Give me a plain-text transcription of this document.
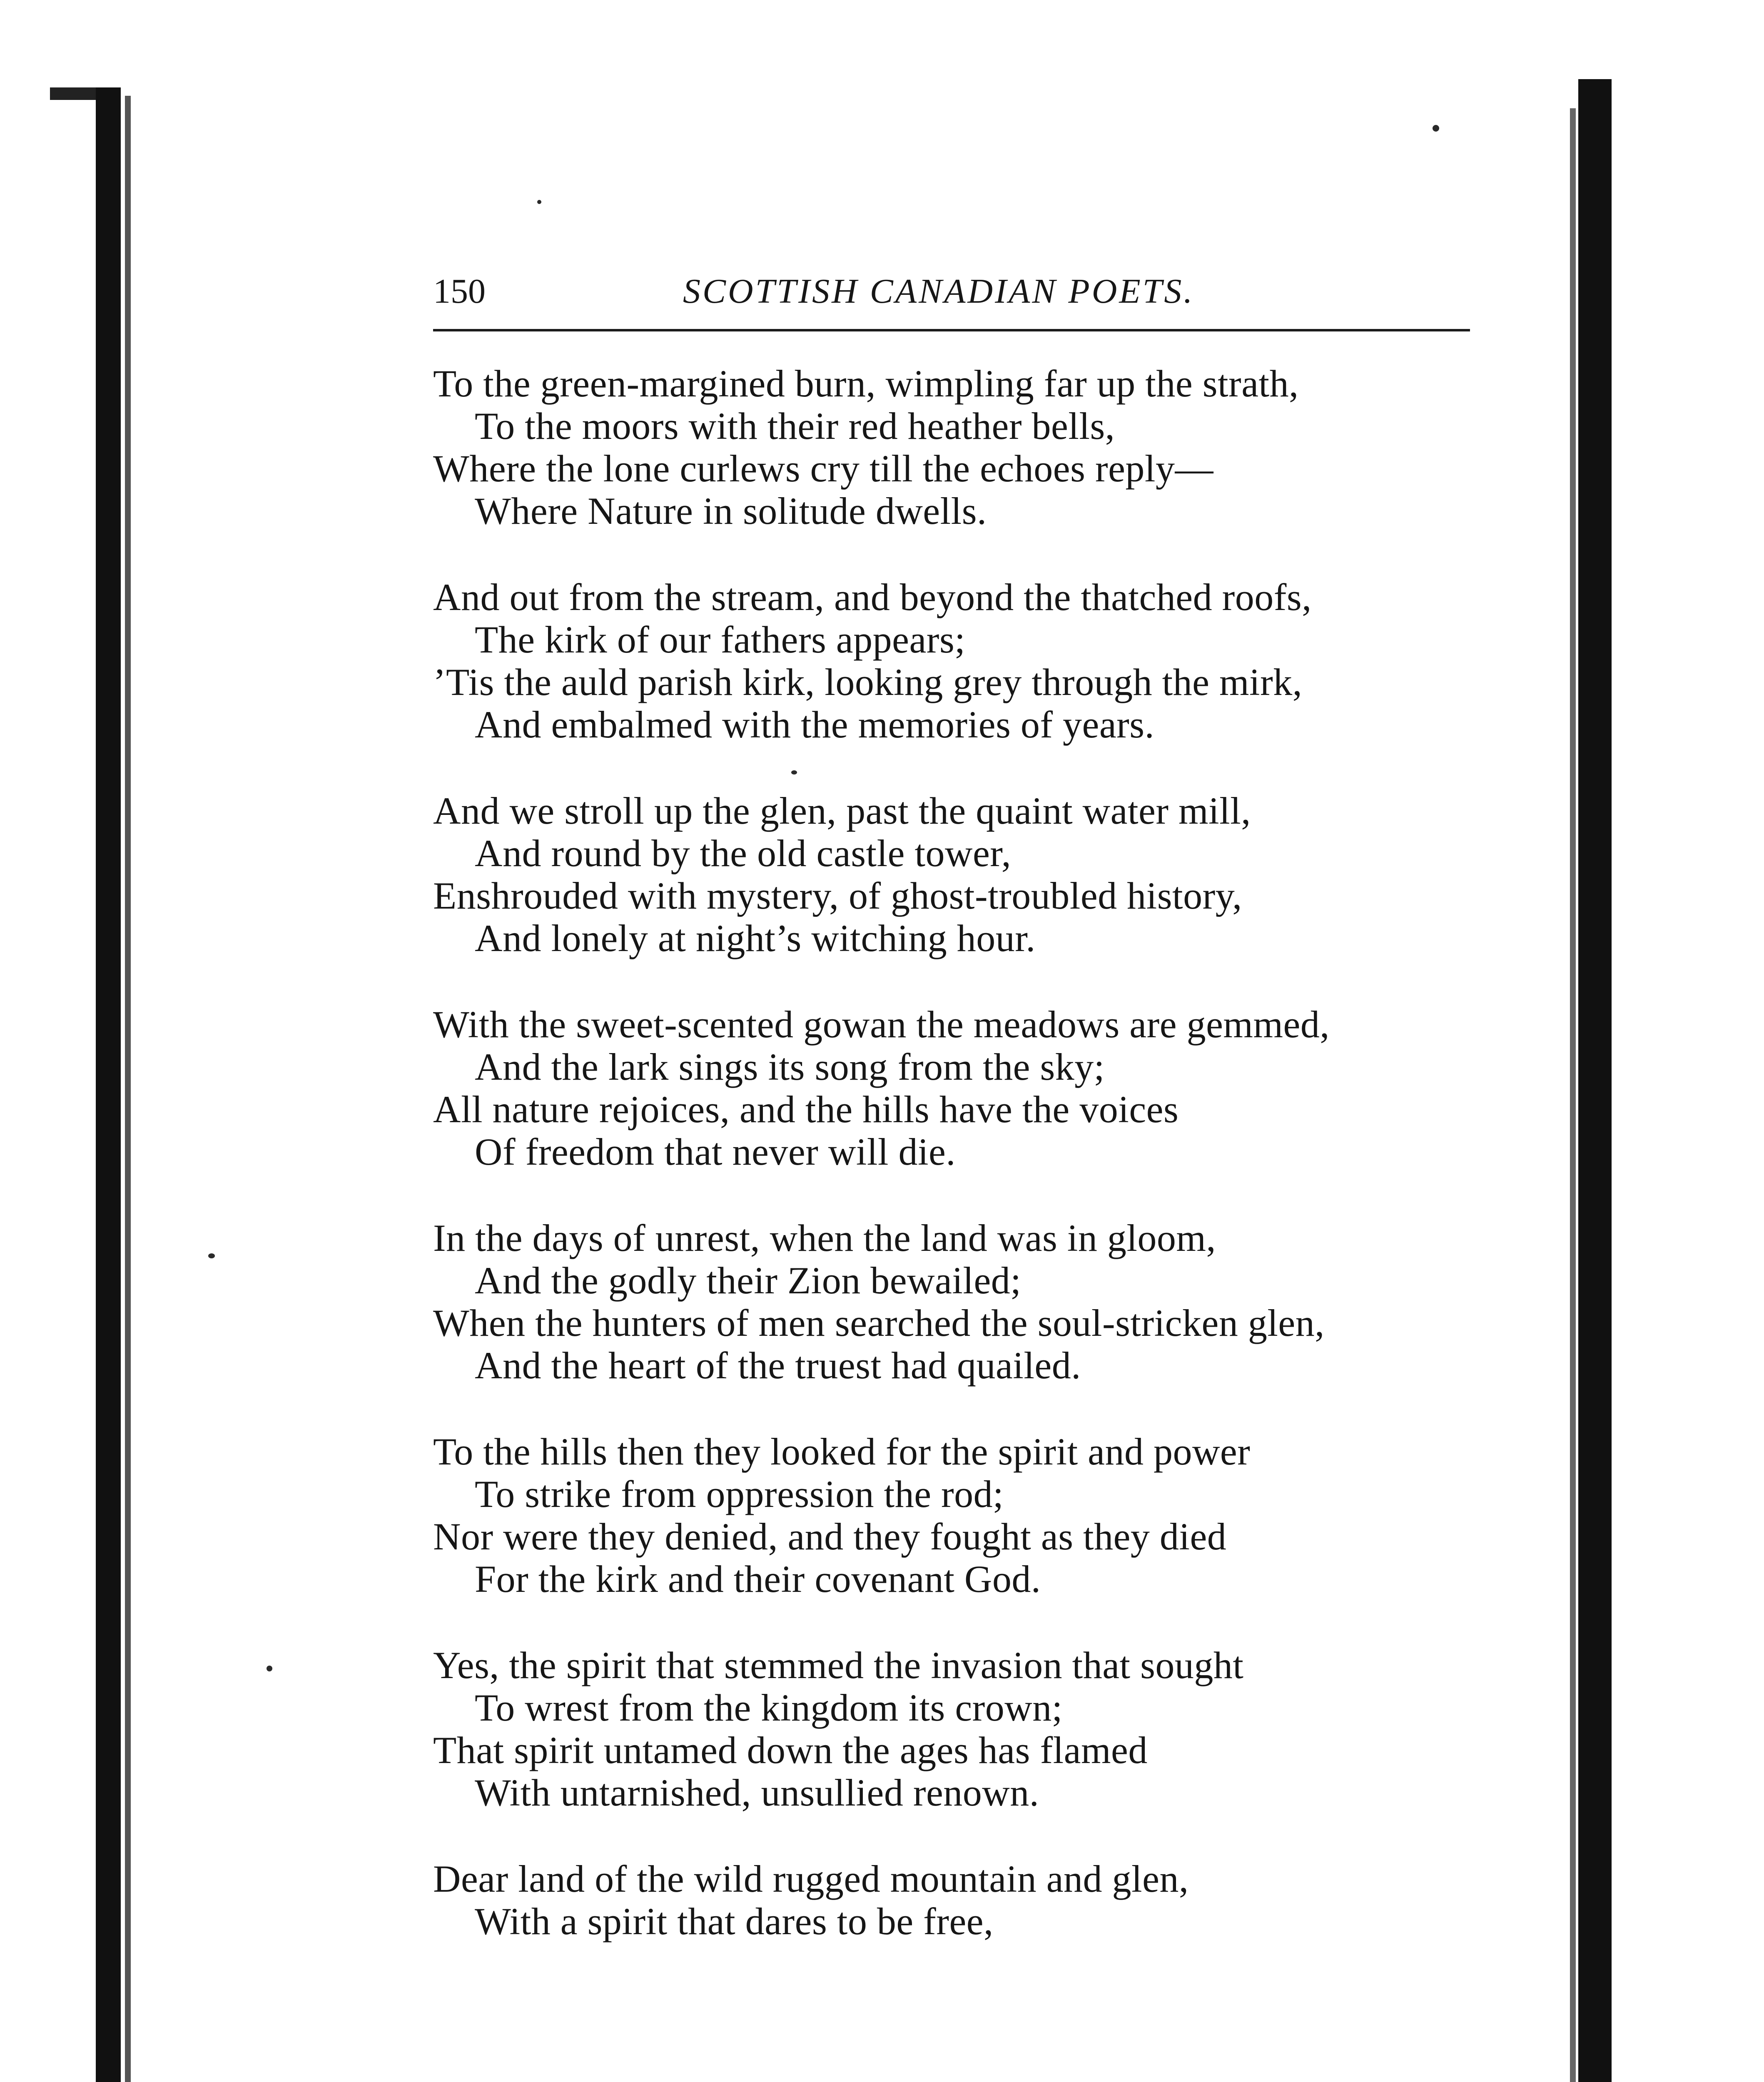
150	SCOTTISH CANADIAN POETS.
To the green-margined burn, wimpling far up the strath,
To the moors with their red heather bells,
Where the lone curlews cry till the echoes reply—
Where Nature in solitude dwells.
And out from the stream, and beyond the thatched roofs,
The kirk of our fathers appears;
’Tis the auld parish kirk, looking grey through the mirk,
And embalmed with the memories of years.
And we stroll up the glen, past the quaint water mill,
And round by the old castle tower,
Enshrouded with mystery, of ghost-troubled history,
And lonely at night’s witching hour.
With the sweet-scented gowan the meadows are gemmed,
And the lark sings its song from the sky;
All nature rejoices, and the hills have the voices
Of freedom that never will die.
In the days of unrest, when the land was in gloom,
And the godly their Zion bewailed;
When the hunters of men searched the soul-stricken glen,
And the heart of the truest had quailed.
To the hills then they looked for the spirit and power
To strike from oppression the rod;
Nor were they denied, and they fought as they died
For the kirk and their covenant God.
Yes, the spirit that stemmed the invasion that sought
To wrest from the kingdom its crown;
That spirit untamed down the ages has flamed
With untarnished, unsullied renown.
Dear land of the wild rugged mountain and glen,
With a spirit that dares to be free,
